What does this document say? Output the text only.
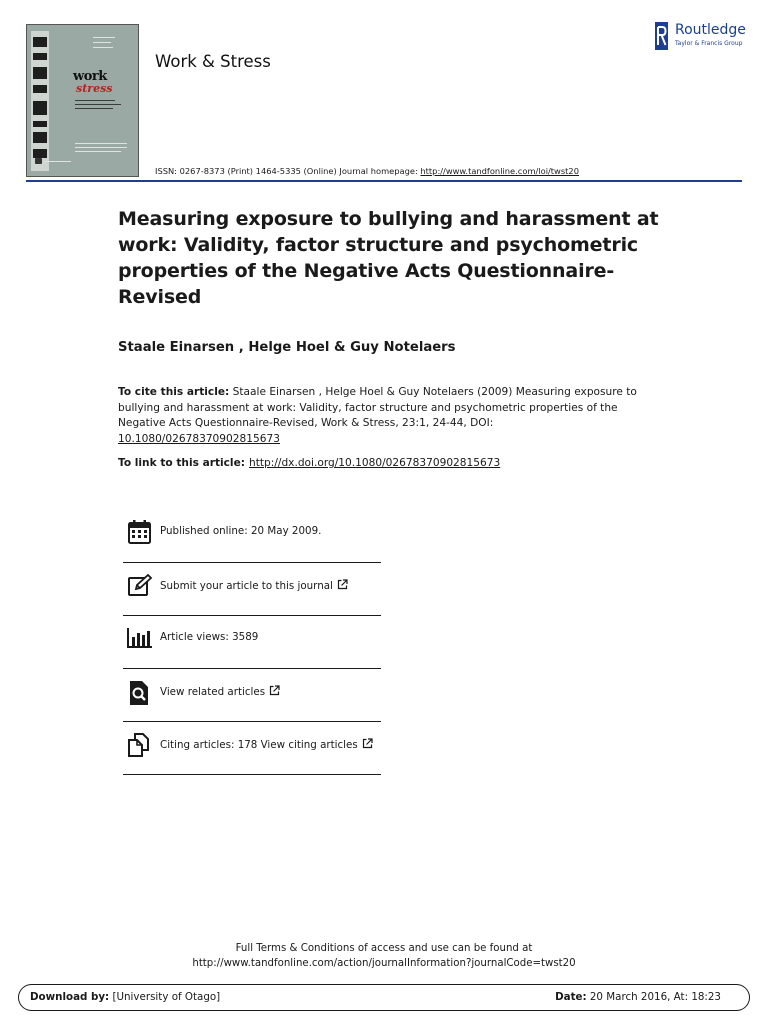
work
stress
Work & Stress
Routledge
Taylor & Francis Group
ISSN: 0267-8373 (Print) 1464-5335 (Online) Journal homepage: http://www.tandfonline.com/loi/twst20
Measuring exposure to bullying and harassment at work: Validity, factor structure and psychometric properties of the Negative Acts Questionnaire-Revised
Staale Einarsen , Helge Hoel & Guy Notelaers
To cite this article: Staale Einarsen , Helge Hoel & Guy Notelaers (2009) Measuring exposure to bullying and harassment at work: Validity, factor structure and psychometric properties of the Negative Acts Questionnaire-Revised, Work & Stress, 23:1, 24-44, DOI: 10.1080/02678370902815673
To link to this article: http://dx.doi.org/10.1080/02678370902815673
Published online: 20 May 2009.
Submit your article to this journal
Article views: 3589
View related articles
Citing articles: 178 View citing articles
Full Terms & Conditions of access and use can be found at
http://www.tandfonline.com/action/journalInformation?journalCode=twst20
Download by: [University of Otago]	Date: 20 March 2016, At: 18:23
